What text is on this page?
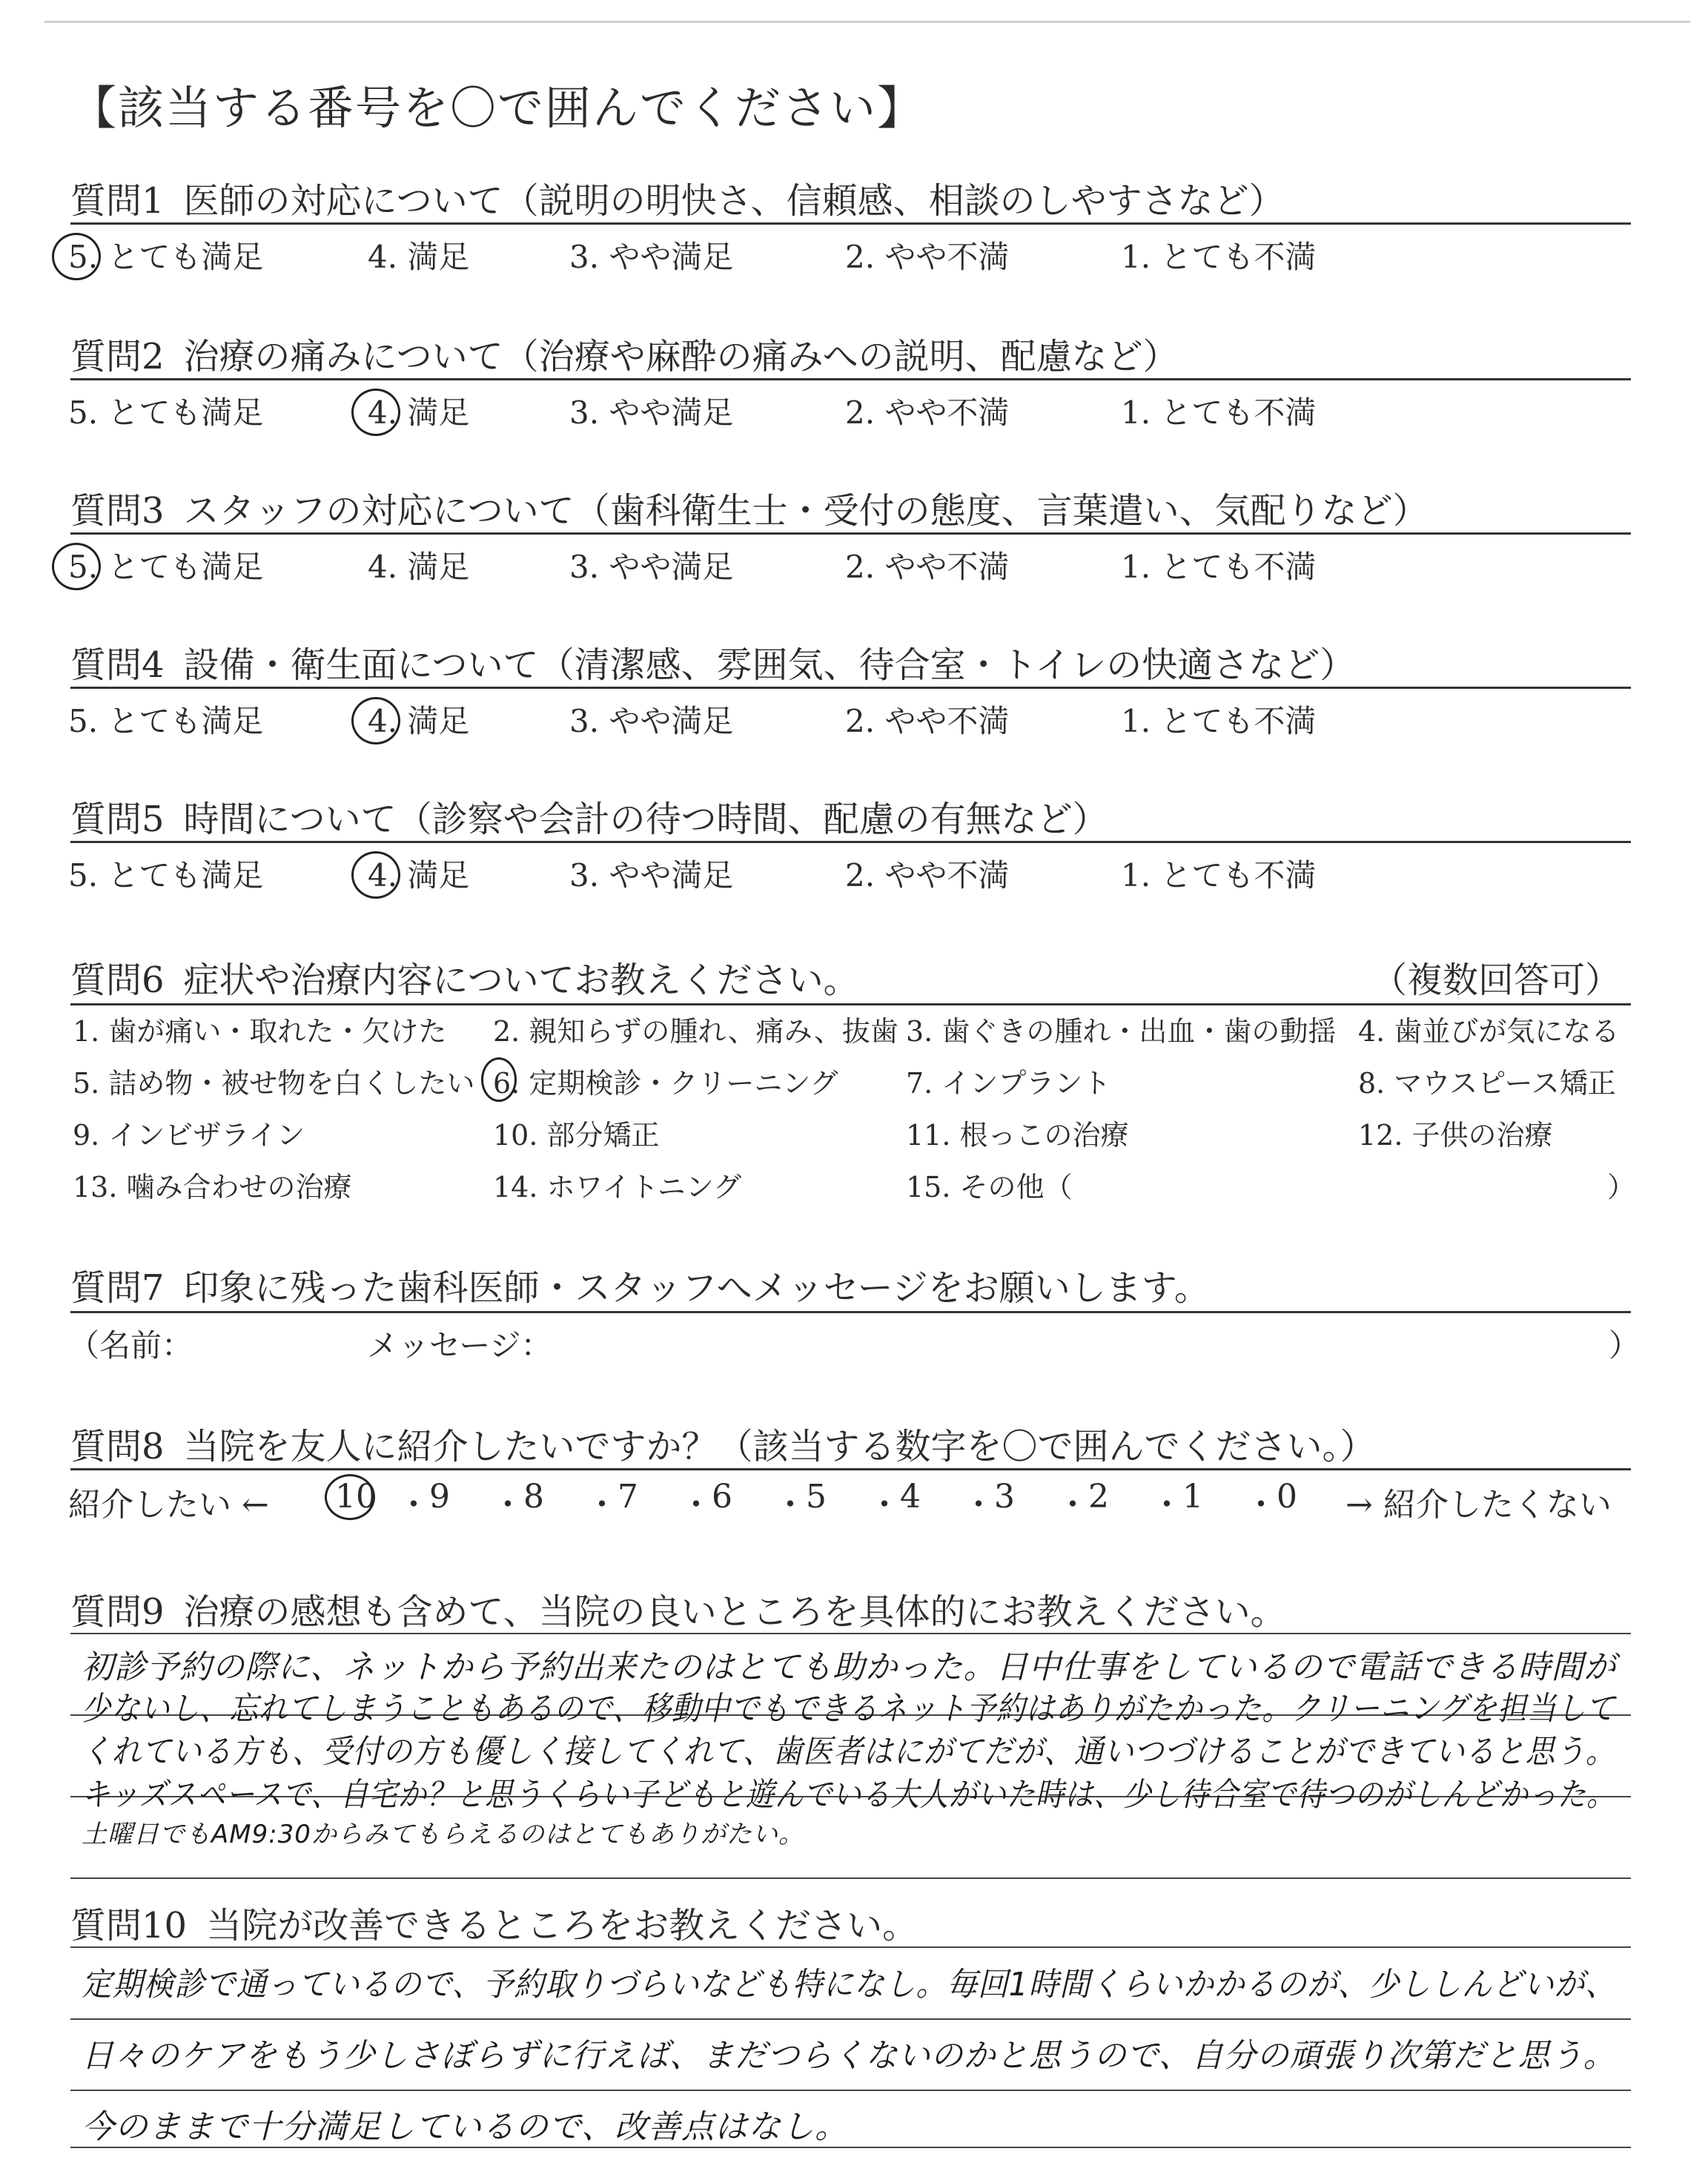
【該当する番号を〇で囲んでください】
質問1 医師の対応について（説明の明快さ、信頼感、相談のしやすさなど）
5. とても満足	4. 満足	3. やや満足	2. やや不満	1. とても不満
質問2 治療の痛みについて（治療や麻酔の痛みへの説明、配慮など）
5. とても満足	4. 満足	3. やや満足	2. やや不満	1. とても不満
質問3 スタッフの対応について（歯科衛生士・受付の態度、言葉遣い、気配りなど）
5. とても満足	4. 満足	3. やや満足	2. やや不満	1. とても不満
質問4 設備・衛生面について（清潔感、雰囲気、待合室・トイレの快適さなど）
5. とても満足	4. 満足	3. やや満足	2. やや不満	1. とても不満
質問5 時間について（診察や会計の待つ時間、配慮の有無など）
5. とても満足	4. 満足	3. やや満足	2. やや不満	1. とても不満
質問6 症状や治療内容についてお教えください。	（複数回答可）
1. 歯が痛い・取れた・欠けた 2. 親知らずの腫れ、痛み、抜歯 3. 歯ぐきの腫れ・出血・歯の動揺 4. 歯並びが気になる
5. 詰め物・被せ物を白くしたい 6. 定期検診・クリーニング 7. インプラント	8. マウスピース矯正
9. インビザライン	10. 部分矯正	11. 根っこの治療	12. 子供の治療
13. 噛み合わせの治療	14. ホワイトニング	15. その他（	）
質問7 印象に残った歯科医師・スタッフへメッセージをお願いします。
（名前：	メッセージ：	）
質問8 当院を友人に紹介したいですか？（該当する数字を〇で囲んでください。）
紹介したい ←	→ 紹介したくない
10 ・ 9 ・ 8 ・ 7 ・ 6 ・ 5 ・ 4 ・ 3 ・ 2 ・ 1 ・ 0
質問9 治療の感想も含めて、当院の良いところを具体的にお教えください。
初診予約の際に、ネットから予約出来たのはとても助かった。日中仕事をしているので電話できる時間が
少ないし、忘れてしまうこともあるので、移動中でもできるネット予約はありがたかった。クリーニングを担当して
くれている方も、受付の方も優しく接してくれて、歯医者はにがてだが、通いつづけることができていると思う。
キッズスペースで、自宅か？と思うくらい子どもと遊んでいる大人がいた時は、少し待合室で待つのがしんどかった。
土曜日でもAM9:30からみてもらえるのはとてもありがたい。
質問10 当院が改善できるところをお教えください。
定期検診で通っているので、予約取りづらいなども特になし。毎回1時間くらいかかるのが、少ししんどいが、
日々のケアをもう少しさぼらずに行えば、まだつらくないのかと思うので、自分の頑張り次第だと思う。
今のままで十分満足しているので、改善点はなし。
